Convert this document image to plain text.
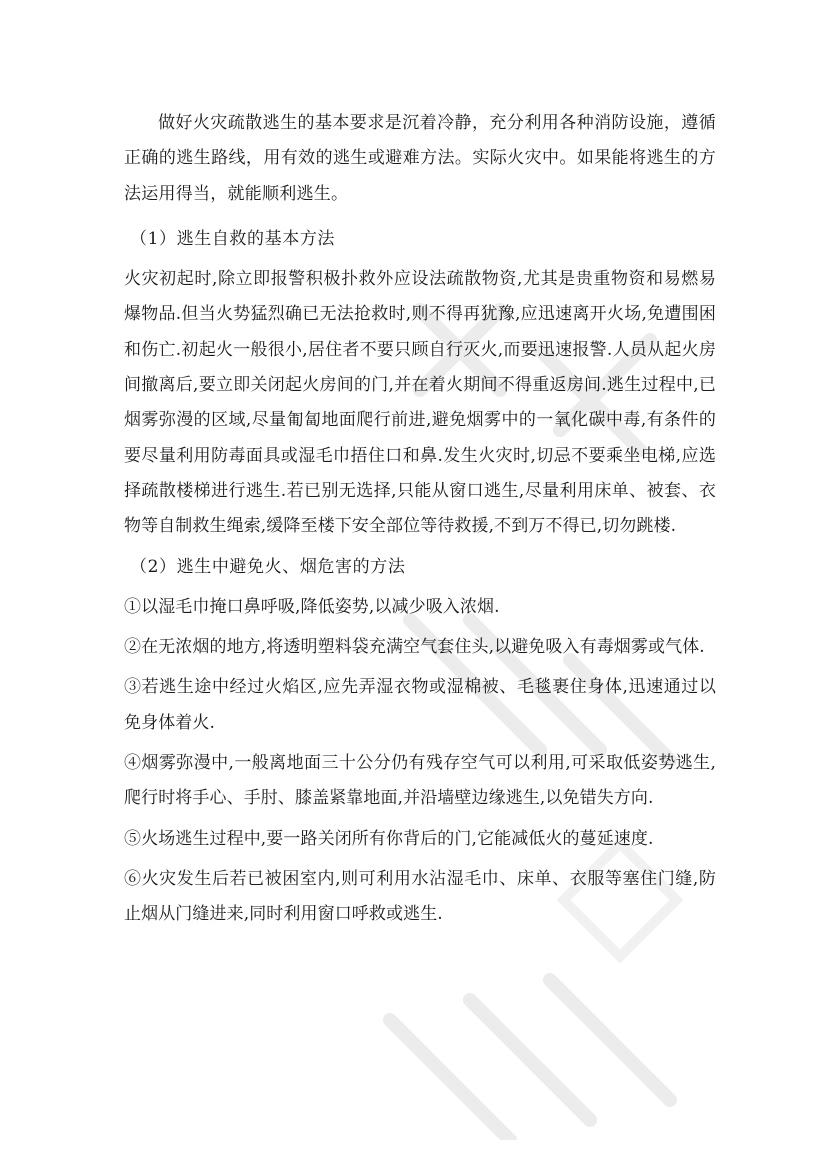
做好火灾疏散逃生的基本要求是沉着冷静，充分利用各种消防设施，遵循正确的逃生路线，用有效的逃生或避难方法。实际火灾中。如果能将逃生的方法运用得当，就能顺利逃生。

（1）逃生自救的基本方法

火灾初起时,除立即报警积极扑救外应设法疏散物资,尤其是贵重物资和易燃易爆物品.但当火势猛烈确已无法抢救时,则不得再犹豫,应迅速离开火场,免遭围困和伤亡.初起火一般很小,居住者不要只顾自行灭火,而要迅速报警.人员从起火房间撤离后,要立即关闭起火房间的门,并在着火期间不得重返房间.逃生过程中,已烟雾弥漫的区域,尽量匍匐地面爬行前进,避免烟雾中的一氧化碳中毒,有条件的要尽量利用防毒面具或湿毛巾捂住口和鼻.发生火灾时,切忌不要乘坐电梯,应选择疏散楼梯进行逃生.若已别无选择,只能从窗口逃生,尽量利用床单、被套、衣物等自制救生绳索,缓降至楼下安全部位等待救援,不到万不得已,切勿跳楼.

（2）逃生中避免火、烟危害的方法

①以湿毛巾掩口鼻呼吸,降低姿势,以减少吸入浓烟.

②在无浓烟的地方,将透明塑料袋充满空气套住头,以避免吸入有毒烟雾或气体.

③若逃生途中经过火焰区,应先弄湿衣物或湿棉被、毛毯裹住身体,迅速通过以免身体着火.

④烟雾弥漫中,一般离地面三十公分仍有残存空气可以利用,可采取低姿势逃生,爬行时将手心、手肘、膝盖紧靠地面,并沿墙壁边缘逃生,以免错失方向.

⑤火场逃生过程中,要一路关闭所有你背后的门,它能减低火的蔓延速度.

⑥火灾发生后若已被困室内,则可利用水沾湿毛巾、床单、衣服等塞住门缝,防止烟从门缝进来,同时利用窗口呼救或逃生.
